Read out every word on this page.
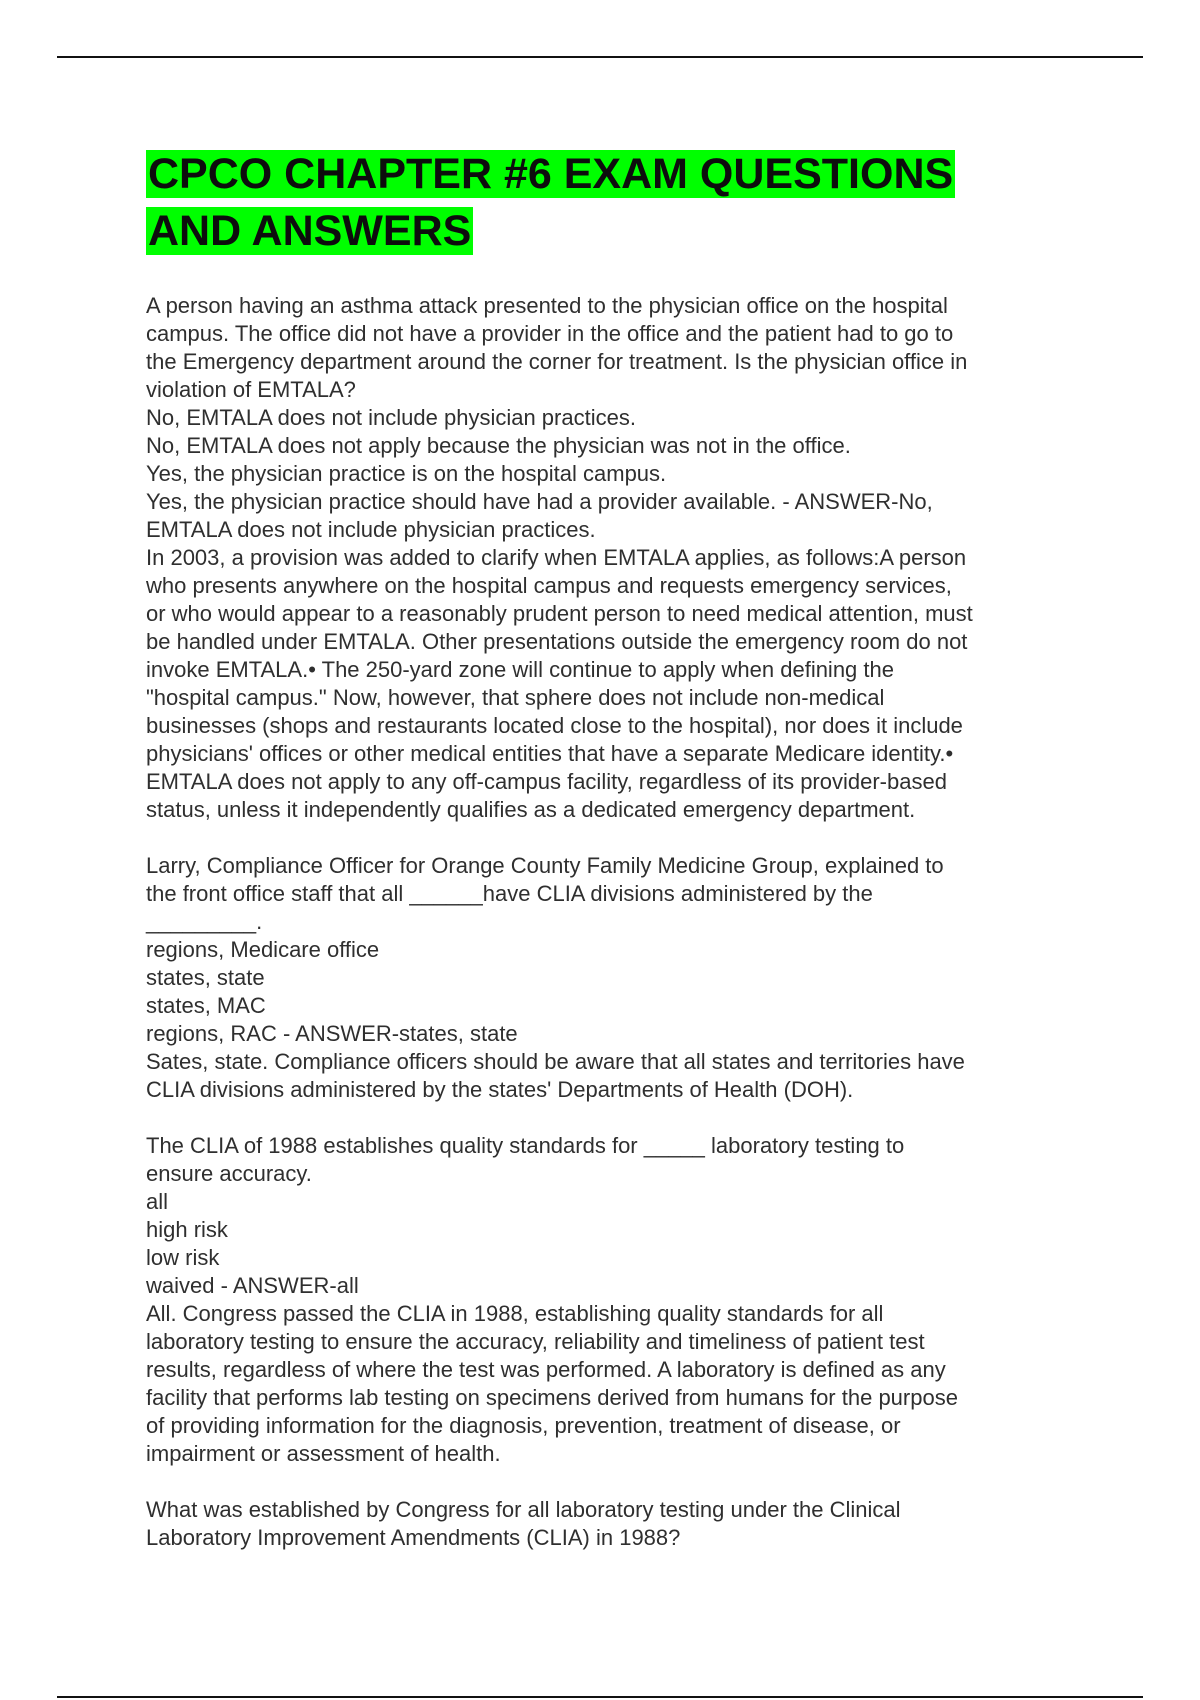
CPCO CHAPTER #6 EXAM QUESTIONS
AND ANSWERS
A person having an asthma attack presented to the physician office on the hospital
campus. The office did not have a provider in the office and the patient had to go to
the Emergency department around the corner for treatment. Is the physician office in
violation of EMTALA?
No, EMTALA does not include physician practices.
No, EMTALA does not apply because the physician was not in the office.
Yes, the physician practice is on the hospital campus.
Yes, the physician practice should have had a provider available. - ANSWER-No,
EMTALA does not include physician practices.
In 2003, a provision was added to clarify when EMTALA applies, as follows:A person
who presents anywhere on the hospital campus and requests emergency services,
or who would appear to a reasonably prudent person to need medical attention, must
be handled under EMTALA. Other presentations outside the emergency room do not
invoke EMTALA.• The 250-yard zone will continue to apply when defining the
"hospital campus." Now, however, that sphere does not include non-medical
businesses (shops and restaurants located close to the hospital), nor does it include
physicians' offices or other medical entities that have a separate Medicare identity.•
EMTALA does not apply to any off-campus facility, regardless of its provider-based
status, unless it independently qualifies as a dedicated emergency department.
Larry, Compliance Officer for Orange County Family Medicine Group, explained to
the front office staff that all ______have CLIA divisions administered by the
_________.
regions, Medicare office
states, state
states, MAC
regions, RAC - ANSWER-states, state
Sates, state. Compliance officers should be aware that all states and territories have
CLIA divisions administered by the states' Departments of Health (DOH).
The CLIA of 1988 establishes quality standards for _____ laboratory testing to
ensure accuracy.
all
high risk
low risk
waived - ANSWER-all
All. Congress passed the CLIA in 1988, establishing quality standards for all
laboratory testing to ensure the accuracy, reliability and timeliness of patient test
results, regardless of where the test was performed. A laboratory is defined as any
facility that performs lab testing on specimens derived from humans for the purpose
of providing information for the diagnosis, prevention, treatment of disease, or
impairment or assessment of health.
What was established by Congress for all laboratory testing under the Clinical
Laboratory Improvement Amendments (CLIA) in 1988?
